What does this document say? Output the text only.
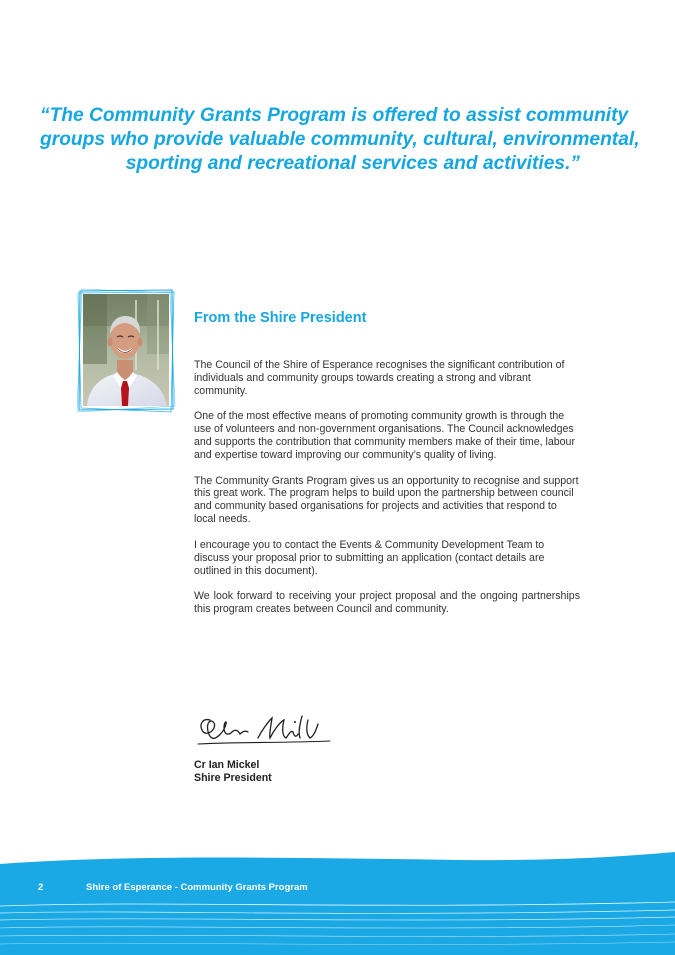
“The Community Grants Program is offered to assist community
groups who provide valuable community, cultural, environmental,
sporting and recreational services and activities.”
From the Shire President

The Council of the Shire of Esperance recognises the significant contribution of individuals and community groups towards creating a strong and vibrant community.

One of the most effective means of promoting community growth is through the use of volunteers and non-government organisations. The Council acknowledges and supports the contribution that community members make of their time, labour and expertise toward improving our community’s quality of living.

The Community Grants Program gives us an opportunity to recognise and support this great work. The program helps to build upon the partnership between council and community based organisations for projects and activities that respond to local needs.

I encourage you to contact the Events & Community Development Team to discuss your proposal prior to submitting an application (contact details are outlined in this document).

We look forward to receiving your project proposal and the ongoing partnerships this program creates between Council and community.

Cr Ian Mickel
Shire President
2	Shire of Esperance - Community Grants Program
